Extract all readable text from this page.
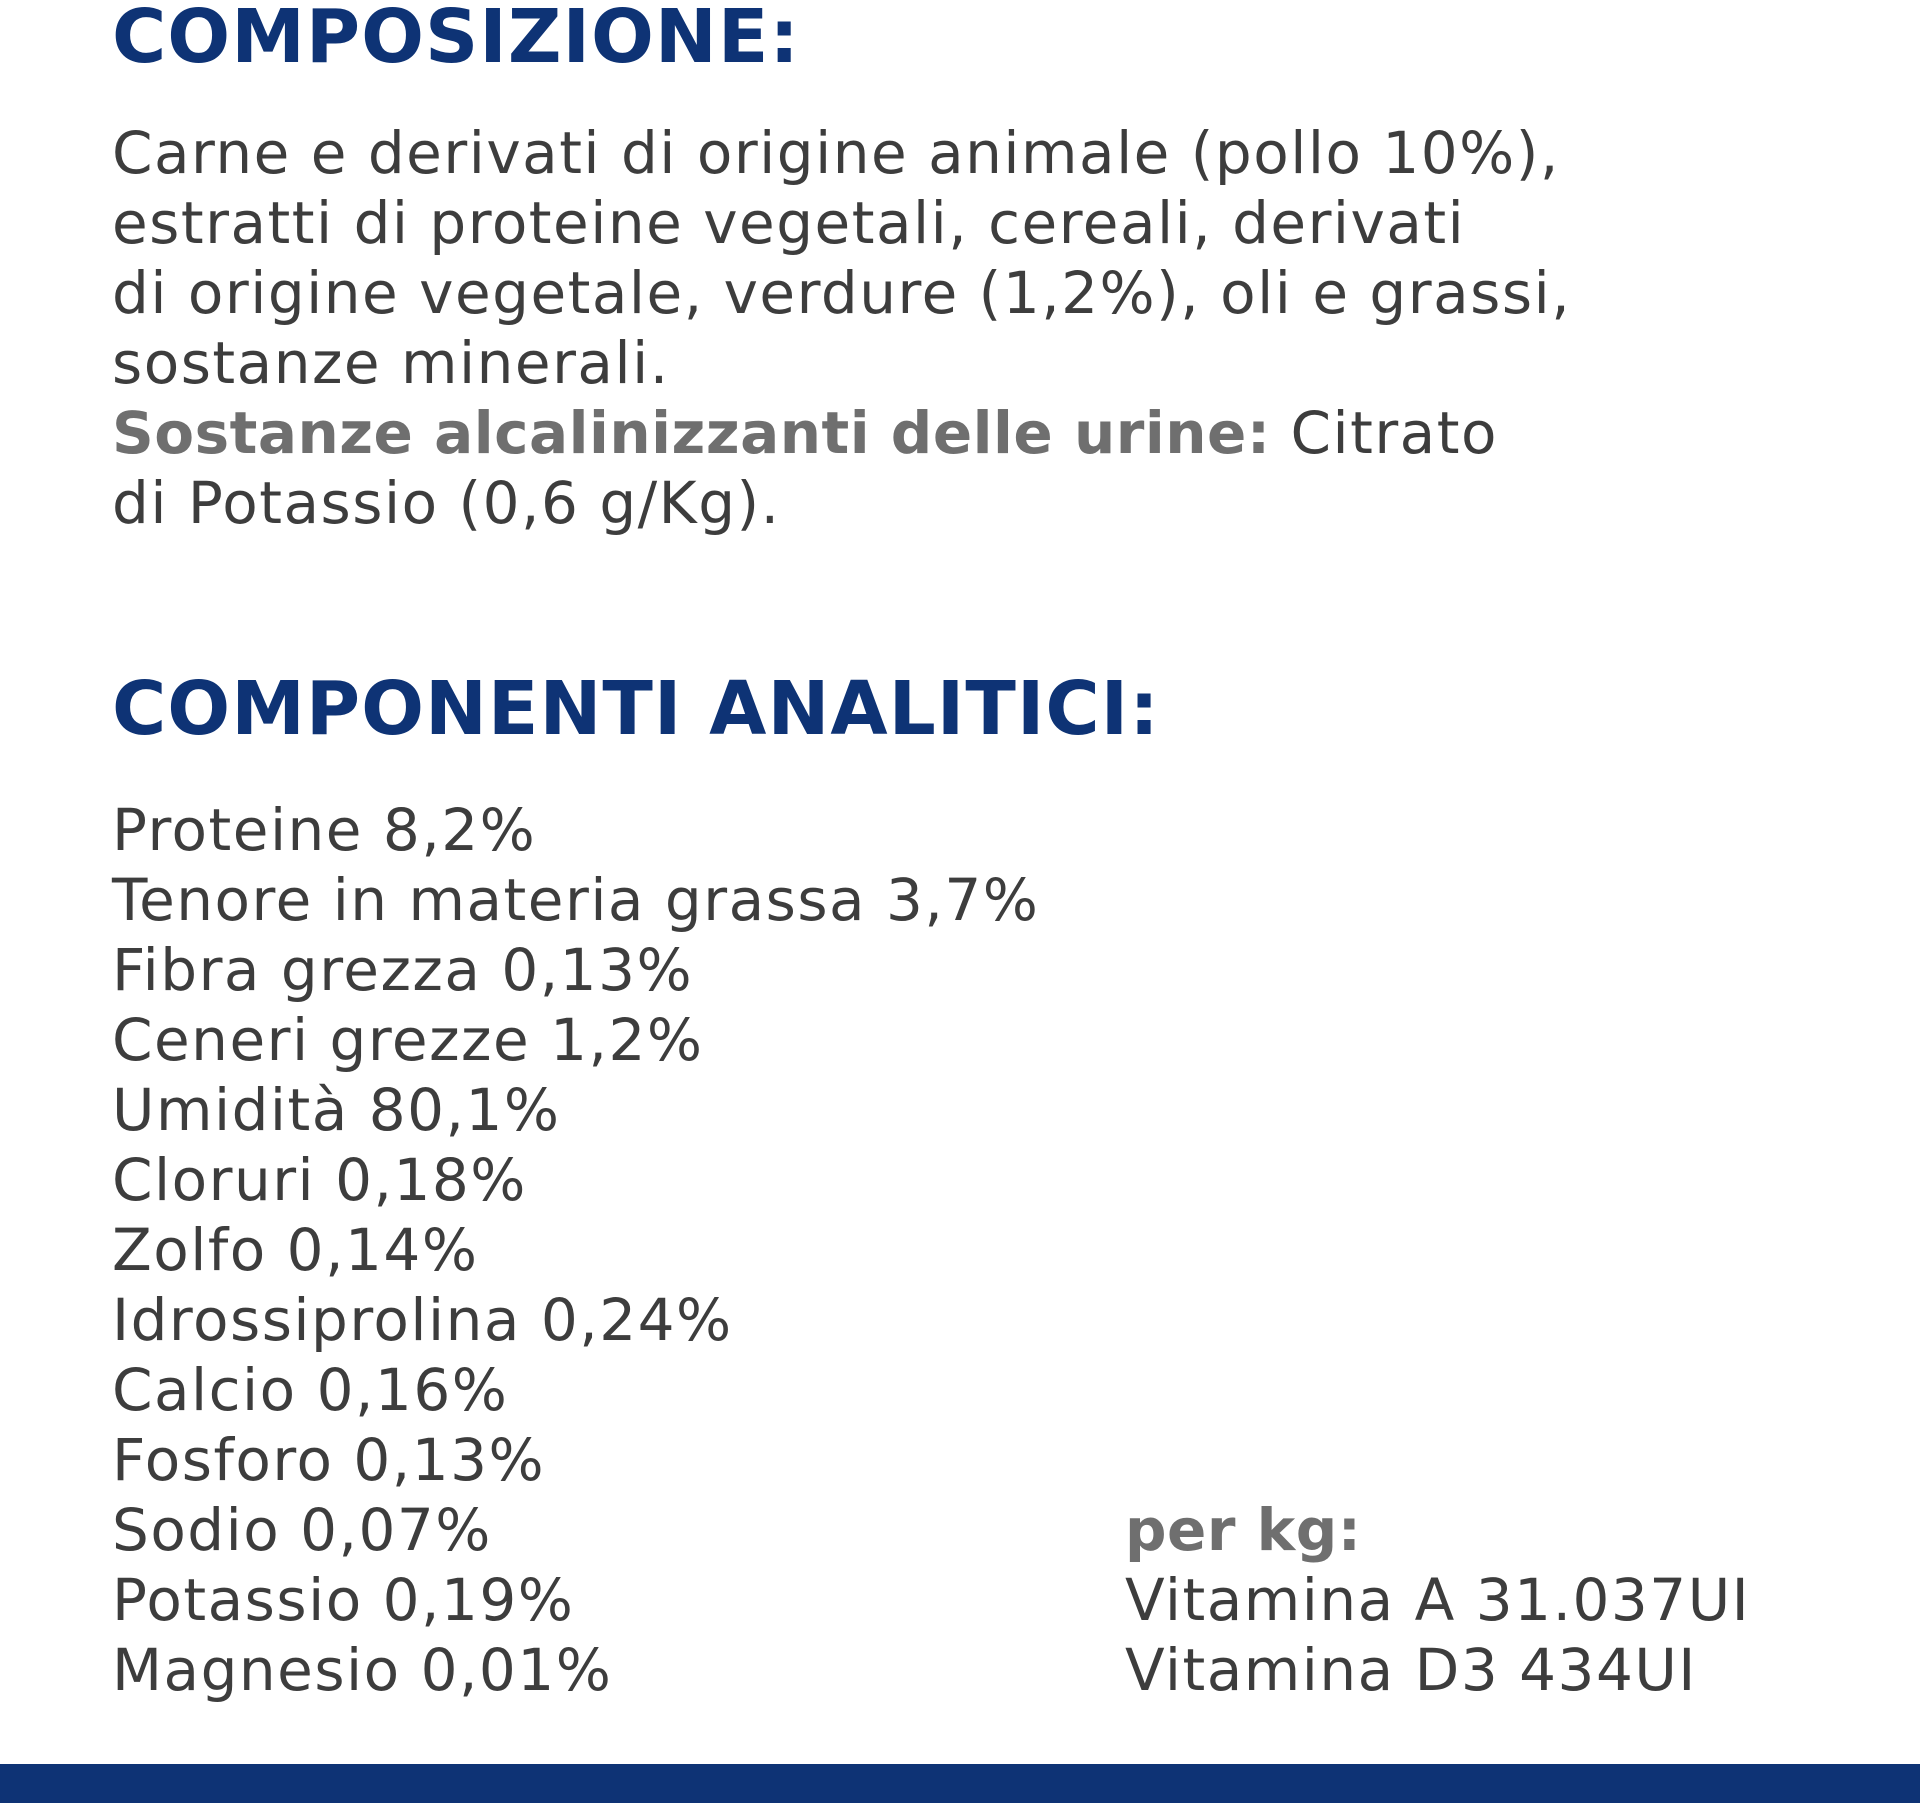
COMPOSIZIONE:
Carne e derivati di origine animale (pollo 10%),
estratti di proteine vegetali, cereali, derivati
di origine vegetale, verdure (1,2%), oli e grassi,
sostanze minerali.
Sostanze alcalinizzanti delle urine: Citrato
di Potassio (0,6 g/Kg).
COMPONENTI ANALITICI:
Proteine 8,2%
Tenore in materia grassa 3,7%
Fibra grezza 0,13%
Ceneri grezze 1,2%
Umidità 80,1%
Cloruri 0,18%
Zolfo 0,14%
Idrossiprolina 0,24%
Calcio 0,16%
Fosforo 0,13%
Sodio 0,07%
Potassio 0,19%
Magnesio 0,01%
per kg:
Vitamina A 31.037UI
Vitamina D3 434UI
